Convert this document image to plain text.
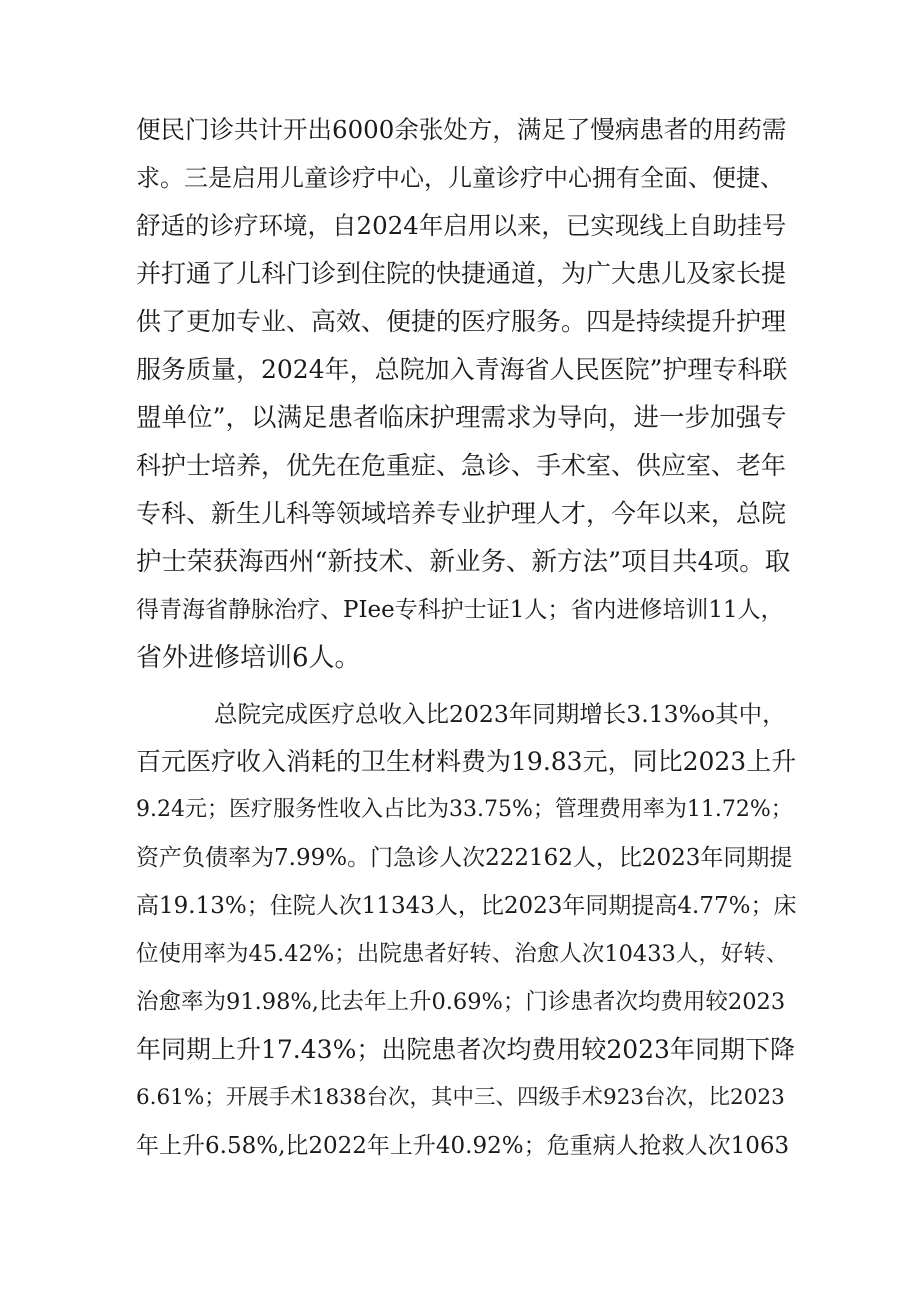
便民门诊共计开出6000余张处方，满足了慢病患者的用药需
求。三是启用儿童诊疗中心，儿童诊疗中心拥有全面、便捷、
舒适的诊疗环境，自2024年启用以来，已实现线上自助挂号
并打通了儿科门诊到住院的快捷通道，为广大患儿及家长提
供了更加专业、高效、便捷的医疗服务。四是持续提升护理
服务质量，2024年，总院加入青海省人民医院”护理专科联
盟单位”，以满足患者临床护理需求为导向，进一步加强专
科护士培养，优先在危重症、急诊、手术室、供应室、老年
专科、新生儿科等领域培养专业护理人才，今年以来，总院
护士荣获海西州“新技术、新业务、新方法”项目共4项。取
得青海省静脉治疗、PIee专科护士证1人；省内进修培训11人，
省外进修培训6人。
总院完成医疗总收入比2023年同期增长3.13%o其中，
百元医疗收入消耗的卫生材料费为19.83元，同比2023上升
9.24元；医疗服务性收入占比为33.75%；管理费用率为11.72%；
资产负债率为7.99%。门急诊人次222162人，比2023年同期提
高19.13%；住院人次11343人，比2023年同期提高4.77%；床
位使用率为45.42%；出院患者好转、治愈人次10433人，好转、
治愈率为91.98%,比去年上升0.69%；门诊患者次均费用较2023
年同期上升17.43%；出院患者次均费用较2023年同期下降
6.61%；开展手术1838台次，其中三、四级手术923台次，比2023
年上升6.58%,比2022年上升40.92%；危重病人抢救人次1063
